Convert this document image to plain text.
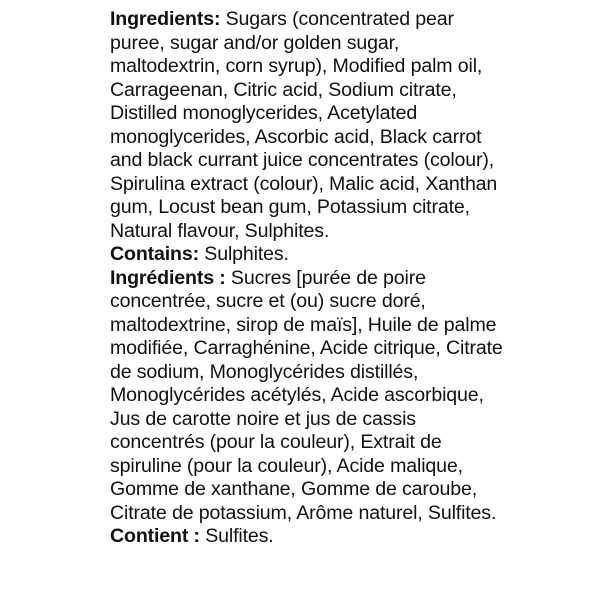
Ingredients: Sugars (concentrated pear puree, sugar and/or golden sugar, maltodextrin, corn syrup), Modified palm oil, Carrageenan, Citric acid, Sodium citrate, Distilled monoglycerides, Acetylated monoglycerides, Ascorbic acid, Black carrot and black currant juice concentrates (colour), Spirulina extract (colour), Malic acid, Xanthan gum, Locust bean gum, Potassium citrate, Natural flavour, Sulphites.

Contains: Sulphites.

Ingrédients : Sucres [purée de poire concentrée, sucre et (ou) sucre doré, maltodextrine, sirop de maïs], Huile de palme modifiée, Carraghénine, Acide citrique, Citrate de sodium, Monoglycérides distillés, Monoglycérides acétylés, Acide ascorbique, Jus de carotte noire et jus de cassis concentrés (pour la couleur), Extrait de spiruline (pour la couleur), Acide malique, Gomme de xanthane, Gomme de caroube, Citrate de potassium, Arôme naturel, Sulfites.

Contient : Sulfites.
